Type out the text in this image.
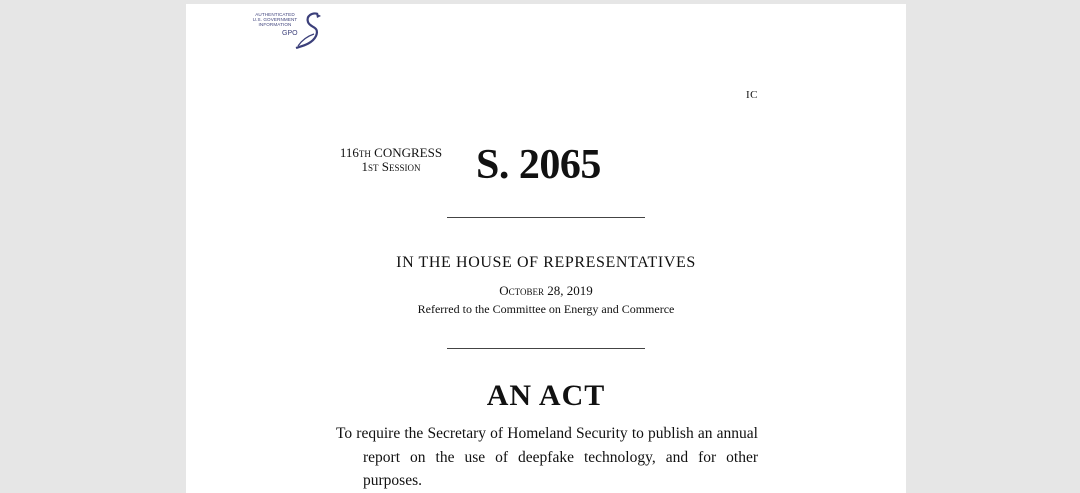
AUTHENTICATED
U.S. GOVERNMENT
INFORMATION
GPO
IC
116th CONGRESS
1st Session	S. 2065
IN THE HOUSE OF REPRESENTATIVES
October 28, 2019
Referred to the Committee on Energy and Commerce
AN ACT
To require the Secretary of Homeland Security to publish an annual report on the use of deepfake technology, and for other purposes.
